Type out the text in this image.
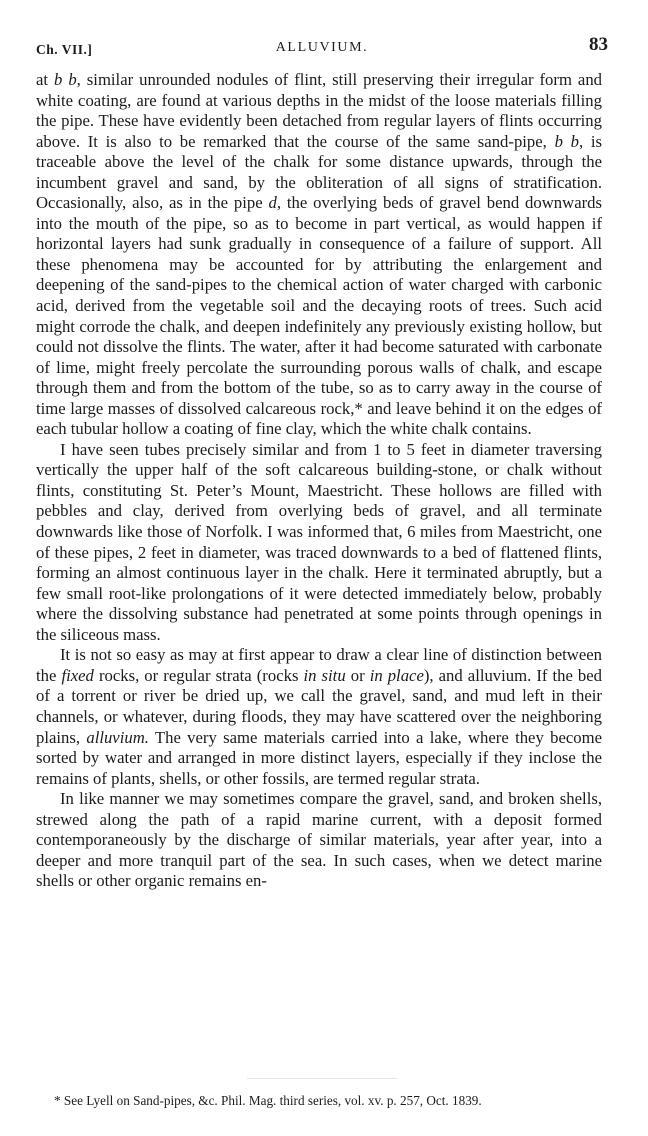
Ch. VII.]	ALLUVIUM.	83

at b b, similar unrounded nodules of flint, still preserving their irregular form and white coating, are found at various depths in the midst of the loose materials filling the pipe. These have evidently been detached from regular layers of flints occurring above. It is also to be remarked that the course of the same sand-pipe, b b, is traceable above the level of the chalk for some distance upwards, through the incumbent gravel and sand, by the obliteration of all signs of stratification. Occasionally, also, as in the pipe d, the overlying beds of gravel bend downwards into the mouth of the pipe, so as to become in part vertical, as would happen if horizontal layers had sunk gradually in consequence of a failure of support. All these phenomena may be accounted for by attributing the enlargement and deepening of the sand-pipes to the chemical action of water charged with carbonic acid, derived from the vegetable soil and the decaying roots of trees. Such acid might corrode the chalk, and deepen indefinitely any previously existing hollow, but could not dissolve the flints. The water, after it had become saturated with carbonate of lime, might freely percolate the surrounding porous walls of chalk, and escape through them and from the bottom of the tube, so as to carry away in the course of time large masses of dissolved calcareous rock,* and leave behind it on the edges of each tubular hollow a coating of fine clay, which the white chalk contains.

I have seen tubes precisely similar and from 1 to 5 feet in diameter traversing vertically the upper half of the soft calcareous building-stone, or chalk without flints, constituting St. Peter’s Mount, Maestricht. These hollows are filled with pebbles and clay, derived from overlying beds of gravel, and all terminate downwards like those of Norfolk. I was informed that, 6 miles from Maestricht, one of these pipes, 2 feet in diameter, was traced downwards to a bed of flattened flints, forming an almost continuous layer in the chalk. Here it terminated abruptly, but a few small root-like prolongations of it were detected immediately below, probably where the dissolving substance had penetrated at some points through openings in the siliceous mass.

It is not so easy as may at first appear to draw a clear line of distinction between the fixed rocks, or regular strata (rocks in situ or in place), and alluvium. If the bed of a torrent or river be dried up, we call the gravel, sand, and mud left in their channels, or whatever, during floods, they may have scattered over the neighboring plains, alluvium. The very same materials carried into a lake, where they become sorted by water and arranged in more distinct layers, especially if they inclose the remains of plants, shells, or other fossils, are termed regular strata.

In like manner we may sometimes compare the gravel, sand, and broken shells, strewed along the path of a rapid marine current, with a deposit formed contemporaneously by the discharge of similar materials, year after year, into a deeper and more tranquil part of the sea. In such cases, when we detect marine shells or other organic remains en-

* See Lyell on Sand-pipes, &c. Phil. Mag. third series, vol. xv. p. 257, Oct. 1839.
